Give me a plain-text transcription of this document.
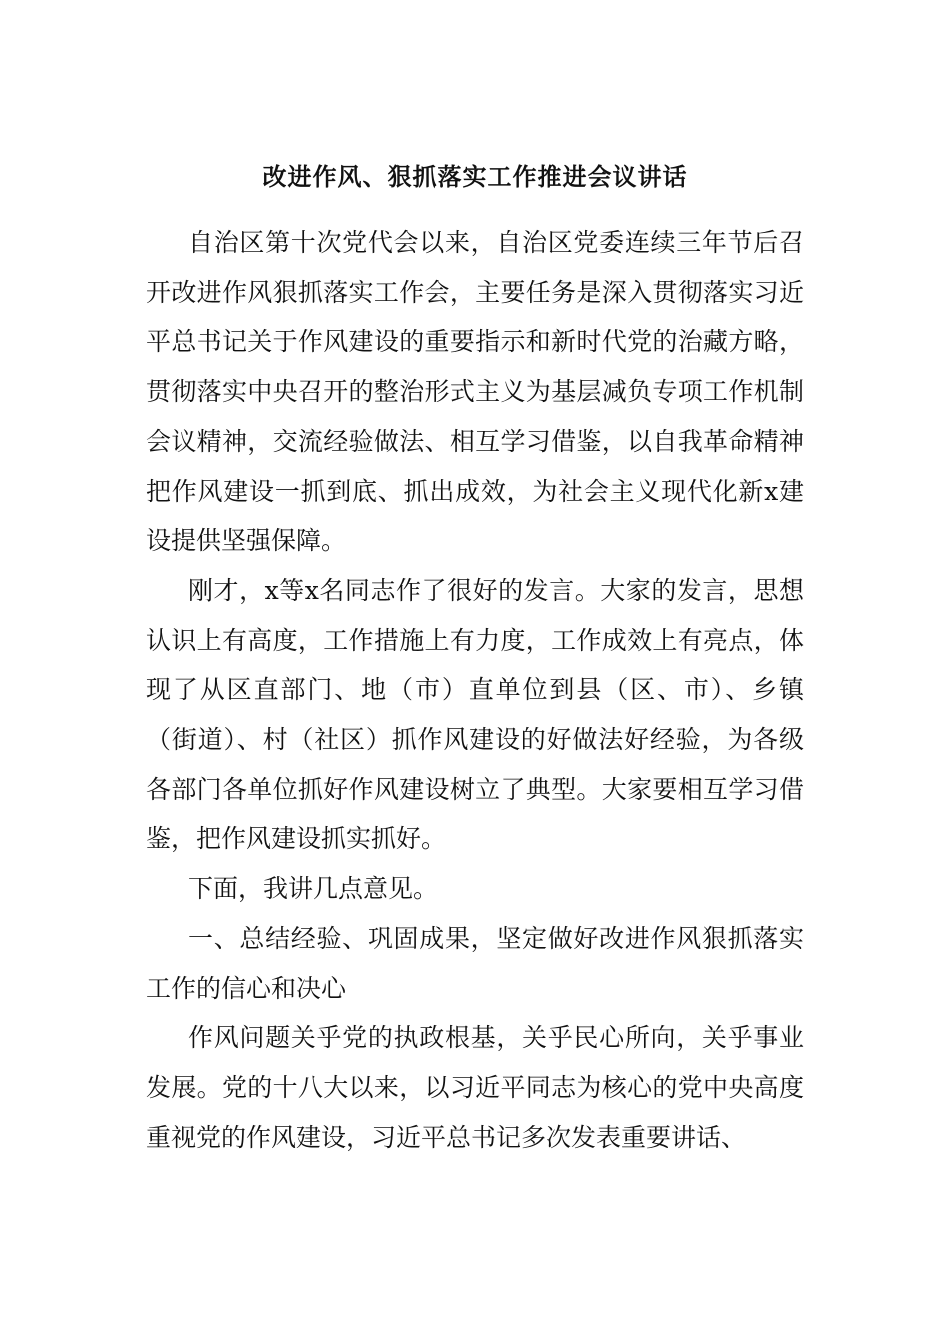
改进作风、狠抓落实工作推进会议讲话

自治区第十次党代会以来，自治区党委连续三年节后召开改进作风狠抓落实工作会，主要任务是深入贯彻落实习近平总书记关于作风建设的重要指示和新时代党的治藏方略，贯彻落实中央召开的整治形式主义为基层减负专项工作机制会议精神，交流经验做法、相互学习借鉴，以自我革命精神把作风建设一抓到底、抓出成效，为社会主义现代化新x建设提供坚强保障。

刚才，x等x名同志作了很好的发言。大家的发言，思想认识上有高度，工作措施上有力度，工作成效上有亮点，体现了从区直部门、地（市）直单位到县（区、市）、乡镇（街道）、村（社区）抓作风建设的好做法好经验，为各级各部门各单位抓好作风建设树立了典型。大家要相互学习借鉴，把作风建设抓实抓好。

下面，我讲几点意见。

一、总结经验、巩固成果，坚定做好改进作风狠抓落实工作的信心和决心

作风问题关乎党的执政根基，关乎民心所向，关乎事业发展。党的十八大以来，以习近平同志为核心的党中央高度重视党的作风建设，习近平总书记多次发表重要讲话、
